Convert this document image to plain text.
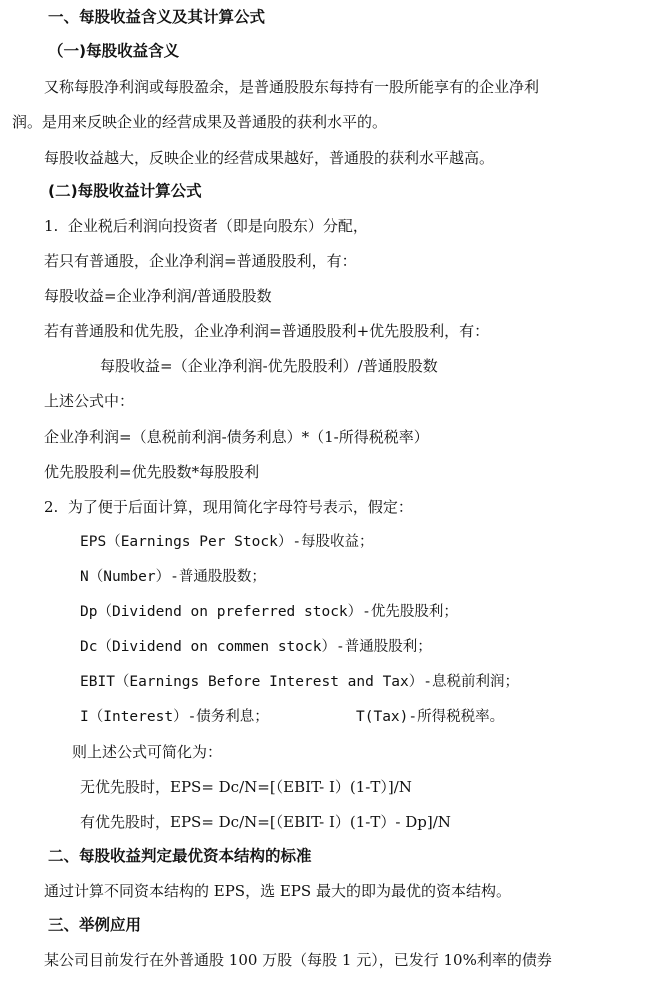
一、每股收益含义及其计算公式
（一)每股收益含义
又称每股净利润或每股盈余，是普通股股东每持有一股所能享有的企业净利
润。是用来反映企业的经营成果及普通股的获利水平的。
每股收益越大，反映企业的经营成果越好，普通股的获利水平越高。
(二)每股收益计算公式
1.  企业税后利润向投资者（即是向股东）分配，
若只有普通股，企业净利润=普通股股利，有：
每股收益=企业净利润/普通股股数
若有普通股和优先股，企业净利润=普通股股利+优先股股利，有：
每股收益=（企业净利润-优先股股利）/普通股股数
上述公式中：
企业净利润=（息税前利润-债务利息）*（1-所得税税率）
优先股股利=优先股数*每股股利
2.  为了便于后面计算，现用简化字母符号表示，假定：
EPS（Earnings Per Stock）-每股收益；
N（Number）-普通股股数；
Dp（Dividend on preferred stock）-优先股股利；
Dc（Dividend on commen stock）-普通股股利；
EBIT（Earnings Before Interest and Tax）-息税前利润；
I（Interest）-债务利息；	T(Tax)-所得税税率。
则上述公式可简化为：
无优先股时，EPS= Dc/N=[（EBIT- I）(1-T）]/N
有优先股时，EPS= Dc/N=[（EBIT- I）(1-T）- Dp]/N
二、每股收益判定最优资本结构的标准
通过计算不同资本结构的 EPS，选 EPS 最大的即为最优的资本结构。
三、举例应用
某公司目前发行在外普通股 100 万股（每股 1 元），已发行 10%利率的债券
